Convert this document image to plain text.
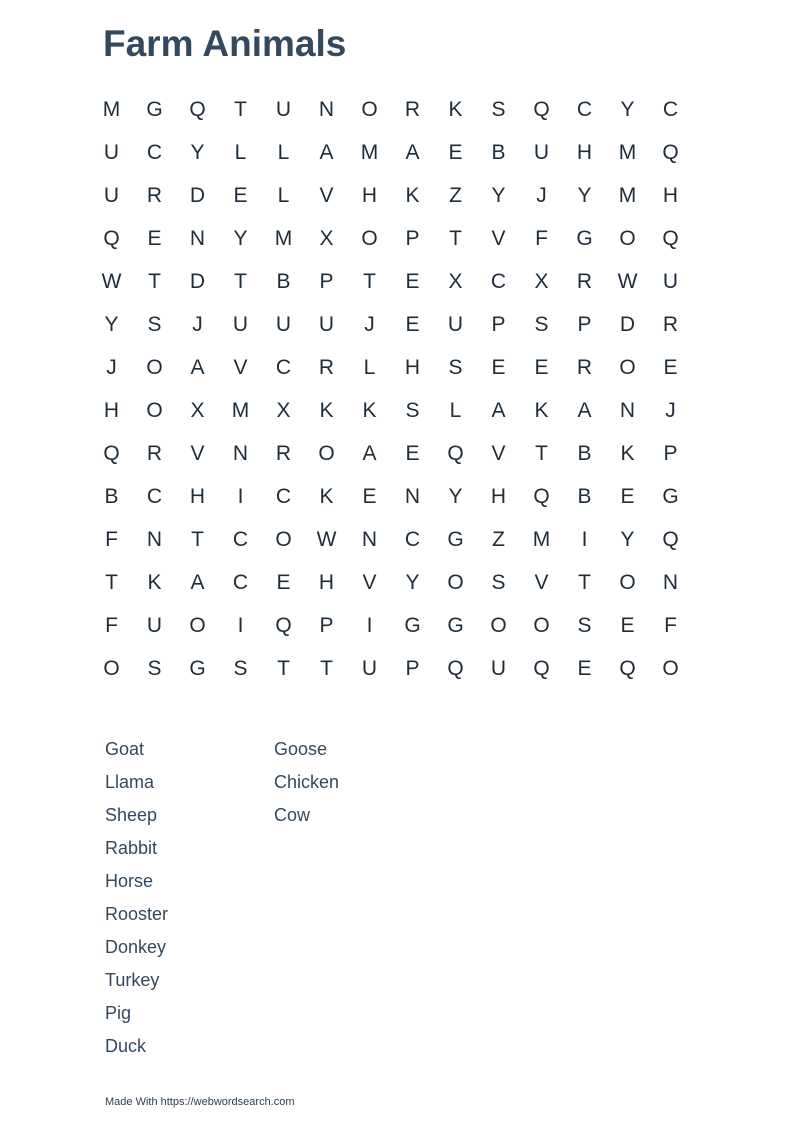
Farm Animals
M	G	Q	T	U	N	O	R	K	S	Q	C	Y	C
U	C	Y	L	L	A	M	A	E	B	U	H	M	Q
U	R	D	E	L	V	H	K	Z	Y	J	Y	M	H
Q	E	N	Y	M	X	O	P	T	V	F	G	O	Q
W	T	D	T	B	P	T	E	X	C	X	R	W	U
Y	S	J	U	U	U	J	E	U	P	S	P	D	R
J	O	A	V	C	R	L	H	S	E	E	R	O	E
H	O	X	M	X	K	K	S	L	A	K	A	N	J
Q	R	V	N	R	O	A	E	Q	V	T	B	K	P
B	C	H	I	C	K	E	N	Y	H	Q	B	E	G
F	N	T	C	O	W	N	C	G	Z	M	I	Y	Q
T	K	A	C	E	H	V	Y	O	S	V	T	O	N
F	U	O	I	Q	P	I	G	G	O	O	S	E	F
O	S	G	S	T	T	U	P	Q	U	Q	E	Q	O
Goat
Llama
Sheep
Rabbit
Horse
Rooster
Donkey
Turkey
Pig
Duck
Goose
Chicken
Cow
Made With https://webwordsearch.com
